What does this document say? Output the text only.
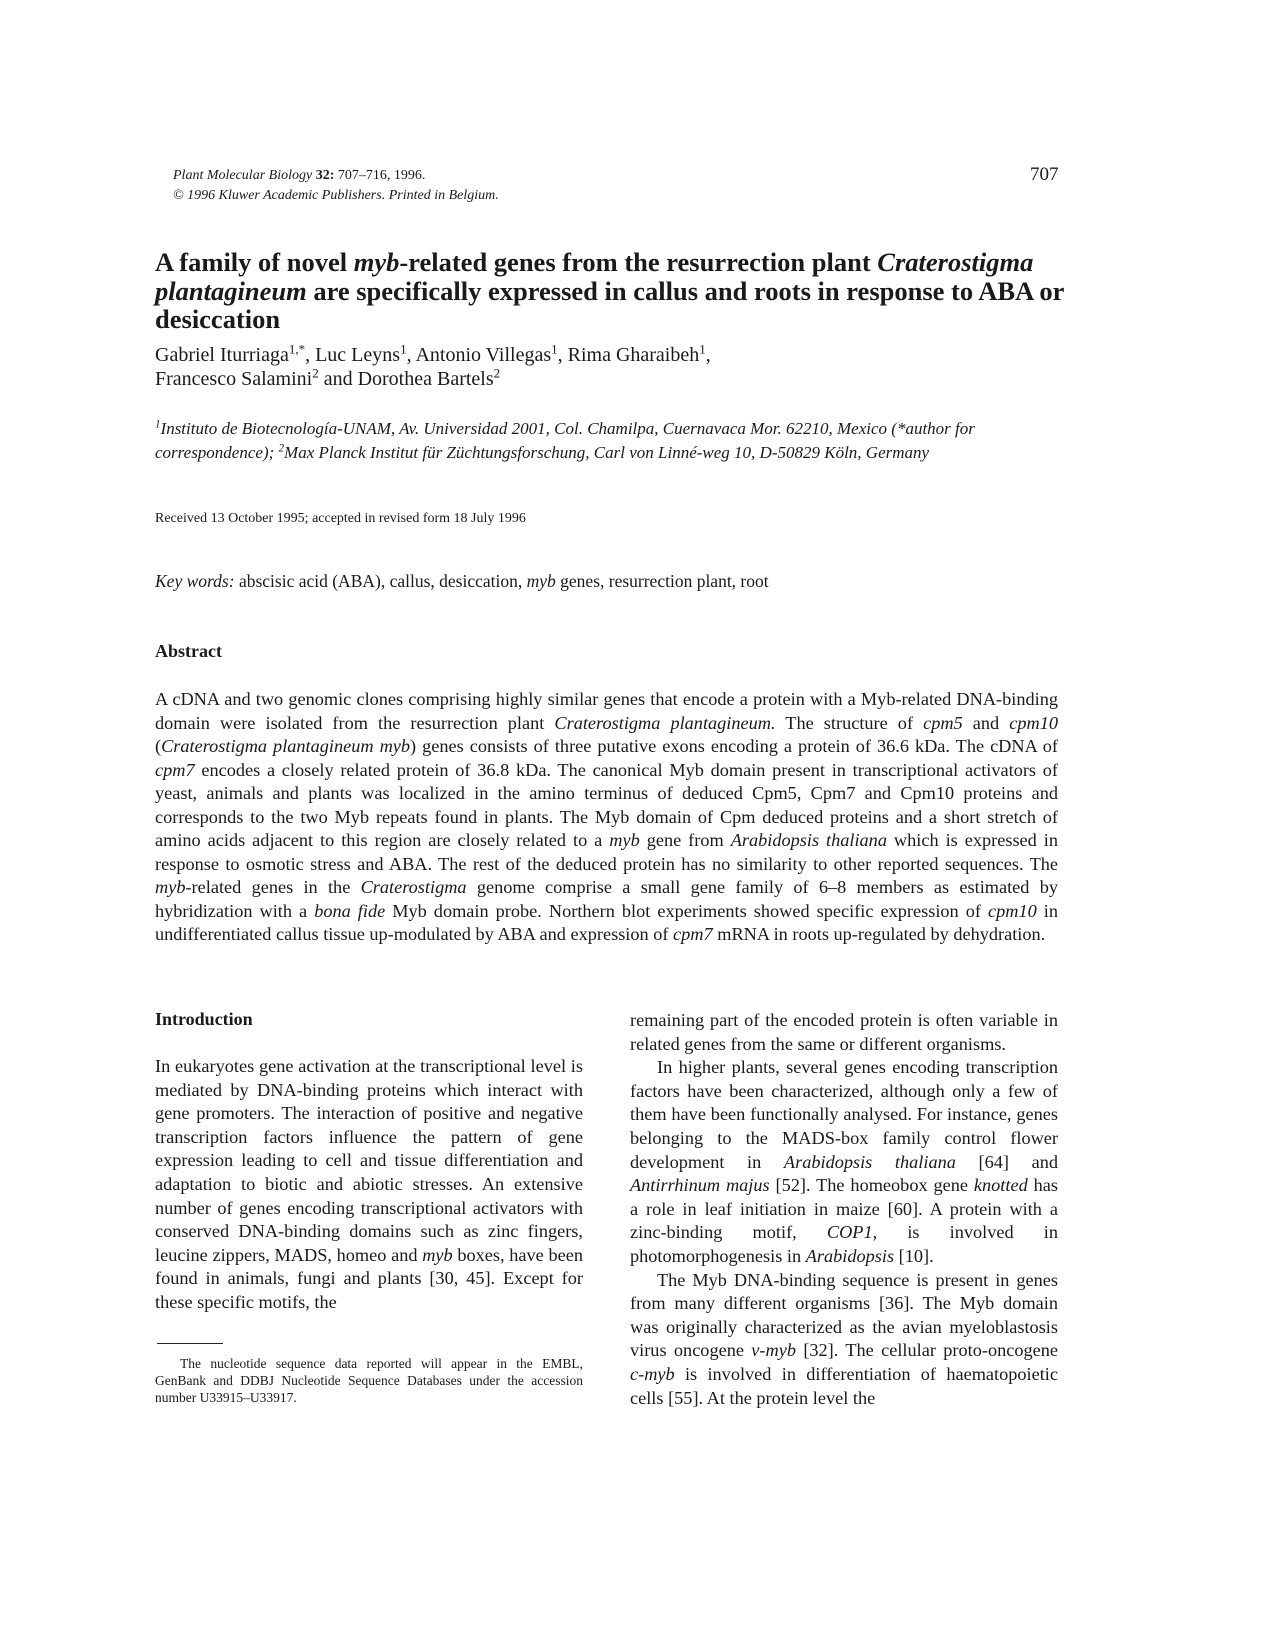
Plant Molecular Biology 32: 707–716, 1996.
© 1996 Kluwer Academic Publishers. Printed in Belgium.
707
A family of novel myb-related genes from the resurrection plant Craterostigma plantagineum are specifically expressed in callus and roots in response to ABA or desiccation
Gabriel Iturriaga$^{1,*}$, Luc Leyns$^1$, Antonio Villegas$^1$, Rima Gharaibeh$^1$,
Francesco Salamini$^2$ and Dorothea Bartels$^2$
$^1$Instituto de Biotecnología-UNAM, Av. Universidad 2001, Col. Chamilpa, Cuernavaca Mor. 62210, Mexico (*author for correspondence); $^2$Max Planck Institut für Züchtungsforschung, Carl von Linné-weg 10, D-50829 Köln, Germany
Received 13 October 1995; accepted in revised form 18 July 1996
Key words: abscisic acid (ABA), callus, desiccation, myb genes, resurrection plant, root
Abstract
A cDNA and two genomic clones comprising highly similar genes that encode a protein with a Myb-related DNA-binding domain were isolated from the resurrection plant Craterostigma plantagineum. The structure of cpm5 and cpm10 (Craterostigma plantagineum myb) genes consists of three putative exons encoding a protein of 36.6 kDa. The cDNA of cpm7 encodes a closely related protein of 36.8 kDa. The canonical Myb domain present in transcriptional activators of yeast, animals and plants was localized in the amino terminus of deduced Cpm5, Cpm7 and Cpm10 proteins and corresponds to the two Myb repeats found in plants. The Myb domain of Cpm deduced proteins and a short stretch of amino acids adjacent to this region are closely related to a myb gene from Arabidopsis thaliana which is expressed in response to osmotic stress and ABA. The rest of the deduced protein has no similarity to other reported sequences. The myb-related genes in the Craterostigma genome comprise a small gene family of 6–8 members as estimated by hybridization with a bona fide Myb domain probe. Northern blot experiments showed specific expression of cpm10 in undifferentiated callus tissue up-modulated by ABA and expression of cpm7 mRNA in roots up-regulated by dehydration.
Introduction

In eukaryotes gene activation at the transcriptional level is mediated by DNA-binding proteins which interact with gene promoters. The interaction of positive and negative transcription factors influence the pattern of gene expression leading to cell and tissue differentiation and adaptation to biotic and abiotic stresses. An extensive number of genes encoding transcriptional activators with conserved DNA-binding domains such as zinc fingers, leucine zippers, MADS, homeo and myb boxes, have been found in animals, fungi and plants [30, 45]. Except for these specific motifs, the

remaining part of the encoded protein is often variable in related genes from the same or different organisms.

In higher plants, several genes encoding transcription factors have been characterized, although only a few of them have been functionally analysed. For instance, genes belonging to the MADS-box family control flower development in Arabidopsis thaliana [64] and Antirrhinum majus [52]. The homeobox gene knotted has a role in leaf initiation in maize [60]. A protein with a zinc-binding motif, COP1, is involved in photomorphogenesis in Arabidopsis [10].

The Myb DNA-binding sequence is present in genes from many different organisms [36]. The Myb domain was originally characterized as the avian myeloblastosis virus oncogene v-myb [32]. The cellular proto-oncogene c-myb is involved in differentiation of haematopoietic cells [55]. At the protein level the

The nucleotide sequence data reported will appear in the EMBL, GenBank and DDBJ Nucleotide Sequence Databases under the accession number U33915–U33917.
